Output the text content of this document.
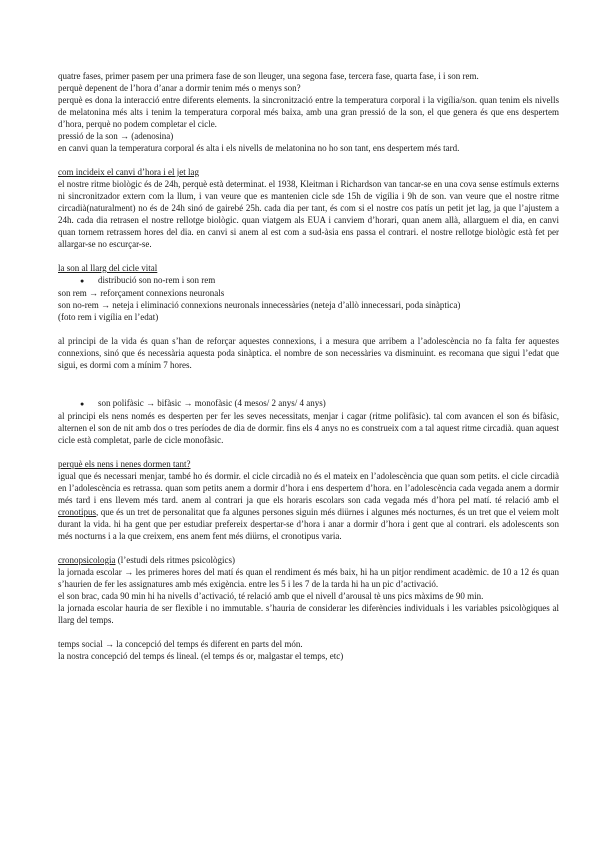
quatre fases, primer pasem per una primera fase de son lleuger, una segona fase, tercera fase, quarta fase, i i son rem.

perquè depenent de l’hora d’anar a dormir tenim més o menys son?

perquè es dona la interacció entre diferents elements. la sincronització entre la temperatura corporal i la vigília/son. quan tenim els nivells de melatonina més alts i tenim la temperatura corporal més baixa, amb una gran pressió de la son, el que genera és que ens despertem d’hora, perquè no podem completar el cicle.

pressió de la son → (adenosina)

en canvi quan la temperatura corporal és alta i els nivells de melatonina no ho son tant, ens despertem més tard.

com incideix el canvi d’hora i el jet lag

el nostre ritme biològic és de 24h, perquè està determinat. el 1938, Kleitman i Richardson van tancar-se en una cova sense estímuls externs ni sincronitzador extern com la llum, i van veure que es mantenien cicle sde 15h de vigília i 9h de son. van veure que el nostre ritme circadià(naturalment) no és de 24h sinó de gairebé 25h. cada dia per tant, és com si el nostre cos patís un petit jet lag, ja que l’ajustem a 24h. cada dia retrasen el nostre rellotge biològic. quan viatgem als EUA i canviem d’horari, quan anem allà, allarguem el dia, en canvi quan tornem retrassem hores del dia. en canvi si anem al est com a sud-àsia ens passa el contrari. el nostre rellotge biològic està fet per allargar-se no escurçar-se.

la son al llarg del cicle vital

●	distribució son no-rem i son rem

son rem → reforçament connexions neuronals

son no-rem → neteja i eliminació connexions neuronals innecessàries (neteja d’allò innecessari, poda sinàptica)

(foto rem i vigília en l’edat)

al principi de la vida és quan s’han de reforçar aquestes connexions, i a mesura que arribem a l’adolescència no fa falta fer aquestes connexions, sinó que és necessària aquesta poda sinàptica. el nombre de son necessàries va disminuint. es recomana que sigui l’edat que sigui, es dormi com a mínim 7 hores.

●	son polifàsic → bifàsic → monofàsic (4 mesos/ 2 anys/ 4 anys)

al principi els nens només es desperten per fer les seves necessitats, menjar i cagar (ritme polifàsic). tal com avancen el son és bifàsic, alternen el son de nit amb dos o tres períodes de dia de dormir. fins els 4 anys no es construeix com a tal aquest ritme circadià. quan aquest cicle està completat, parle de cicle monofàsic.

perquè els nens i nenes dormen tant?

igual que és necessari menjar, també ho és dormir. el cicle circadià no és el mateix en l’adolescència que quan som petits. el cicle circadià en l’adolescència es retrassa. quan som petits anem a dormir d’hora i ens despertem d’hora. en l’adolescència cada vegada anem a dormir més tard i ens llevem més tard. anem al contrari ja que els horaris escolars son cada vegada més d’hora pel matí. té relació amb el cronotipus, que és un tret de personalitat que fa algunes persones siguin més diürnes i algunes més nocturnes, és un tret que el veiem molt durant la vida. hi ha gent que per estudiar prefereix despertar-se d’hora i anar a dormir d’hora i gent que al contrari. els adolescents son més nocturns i a la que creixem, ens anem fent més diürns, el cronotipus varia.

cronopsicologia (l’estudi dels ritmes psicològics)

la jornada escolar → les primeres hores del matí és quan el rendiment és més baix, hi ha un pitjor rendiment acadèmic. de 10 a 12 és quan s’haurien de fer les assignatures amb més exigència. entre les 5 i les 7 de la tarda hi ha un pic d’activació.

el son brac, cada 90 min hi ha nivells d’activació, té relació amb que el nivell d’arousal tè uns pics màxims de 90 min.

la jornada escolar hauria de ser flexible i no immutable. s’hauria de considerar les diferències individuals i les variables psicològiques al llarg del temps.

temps social → la concepció del temps és diferent en parts del món.

la nostra concepció del temps és lineal. (el temps és or, malgastar el temps, etc)
